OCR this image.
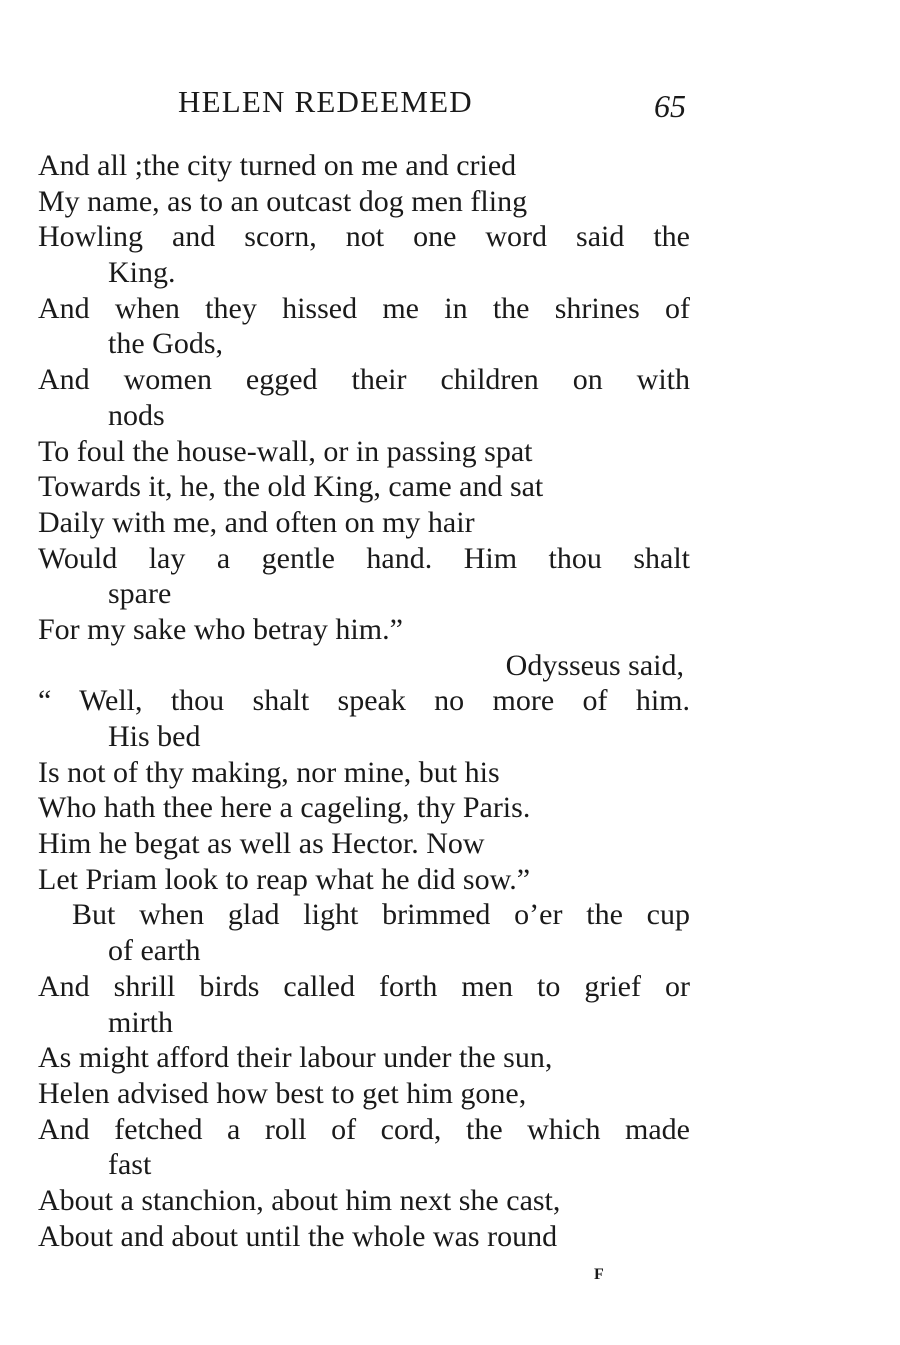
HELEN REDEEMED	65
And all ;the city turned on me and cried
My name, as to an outcast dog men fling
Howling and scorn, not one word said the
King.
And when they hissed me in the shrines of
the Gods,
And women egged their children on with
nods
To foul the house-wall, or in passing spat
Towards it, he, the old King, came and sat
Daily with me, and often on my hair
Would lay a gentle hand. Him thou shalt
spare
For my sake who betray him.”
Odysseus said,
“ Well, thou shalt speak no more of him.
His bed
Is not of thy making, nor mine, but his
Who hath thee here a cageling, thy Paris.
Him he begat as well as Hector. Now
Let Priam look to reap what he did sow.”
But when glad light brimmed o’er the cup
of earth
And shrill birds called forth men to grief or
mirth
As might afford their labour under the sun,
Helen advised how best to get him gone,
And fetched a roll of cord, the which made
fast
About a stanchion, about him next she cast,
About and about until the whole was round
F
